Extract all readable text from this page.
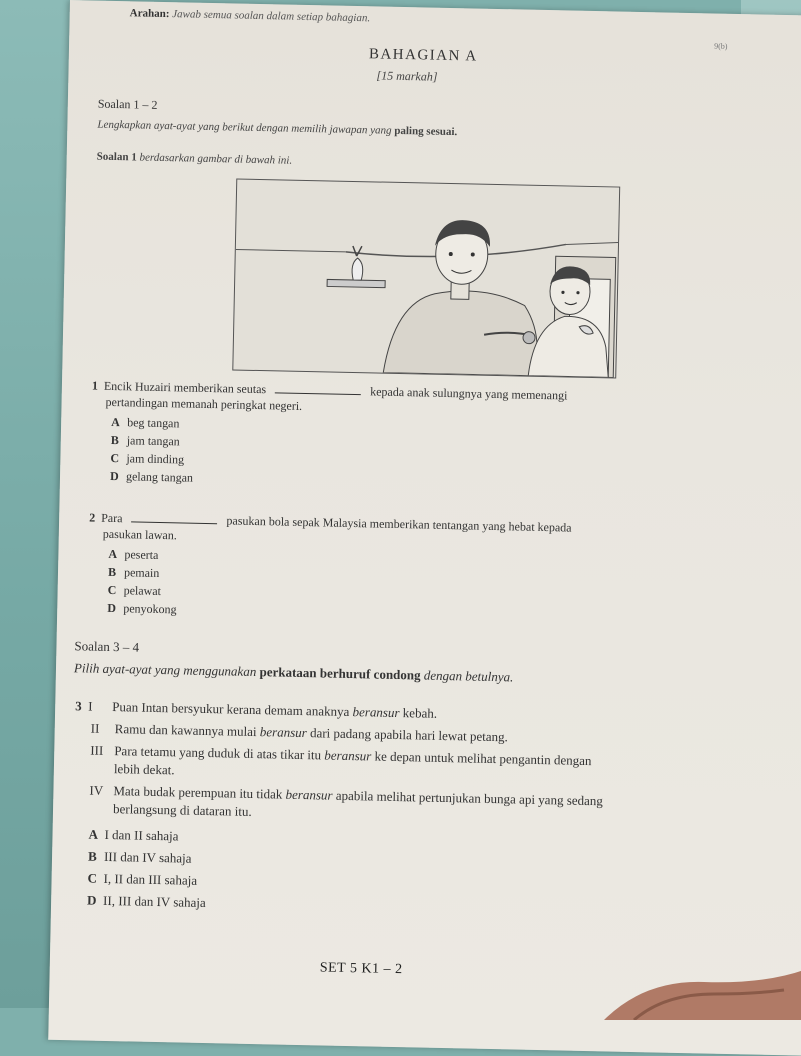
Arahan: Jawab semua soalan dalam setiap bahagian.
9(b)
BAHAGIAN A
[15 markah]
Soalan 1 – 2
Lengkapkan ayat-ayat yang berikut dengan memilih jawapan yang paling sesuai.
Soalan 1 berdasarkan gambar di bawah ini.
1 Encik Huzairi memberikan seutas	kepada anak sulungnya yang memenangi
pertandingan memanah peringkat negeri.
A beg tangan
B jam tangan
C jam dinding
D gelang tangan
2 Para	pasukan bola sepak Malaysia memberikan tentangan yang hebat kepada
pasukan lawan.
A peserta
B pemain
C pelawat
D penyokong
Soalan 3 – 4
Pilih ayat-ayat yang menggunakan perkataan berhuruf condong dengan betulnya.
3 I Puan Intan bersyukur kerana demam anaknya beransur kebah.
II Ramu dan kawannya mulai beransur dari padang apabila hari lewat petang.
III Para tetamu yang duduk di atas tikar itu beransur ke depan untuk melihat pengantin dengan
lebih dekat.
IV Mata budak perempuan itu tidak beransur apabila melihat pertunjukan bunga api yang sedang
berlangsung di dataran itu.
A I dan II sahaja
B III dan IV sahaja
C I, II dan III sahaja
D II, III dan IV sahaja
SET 5 K1 – 2
